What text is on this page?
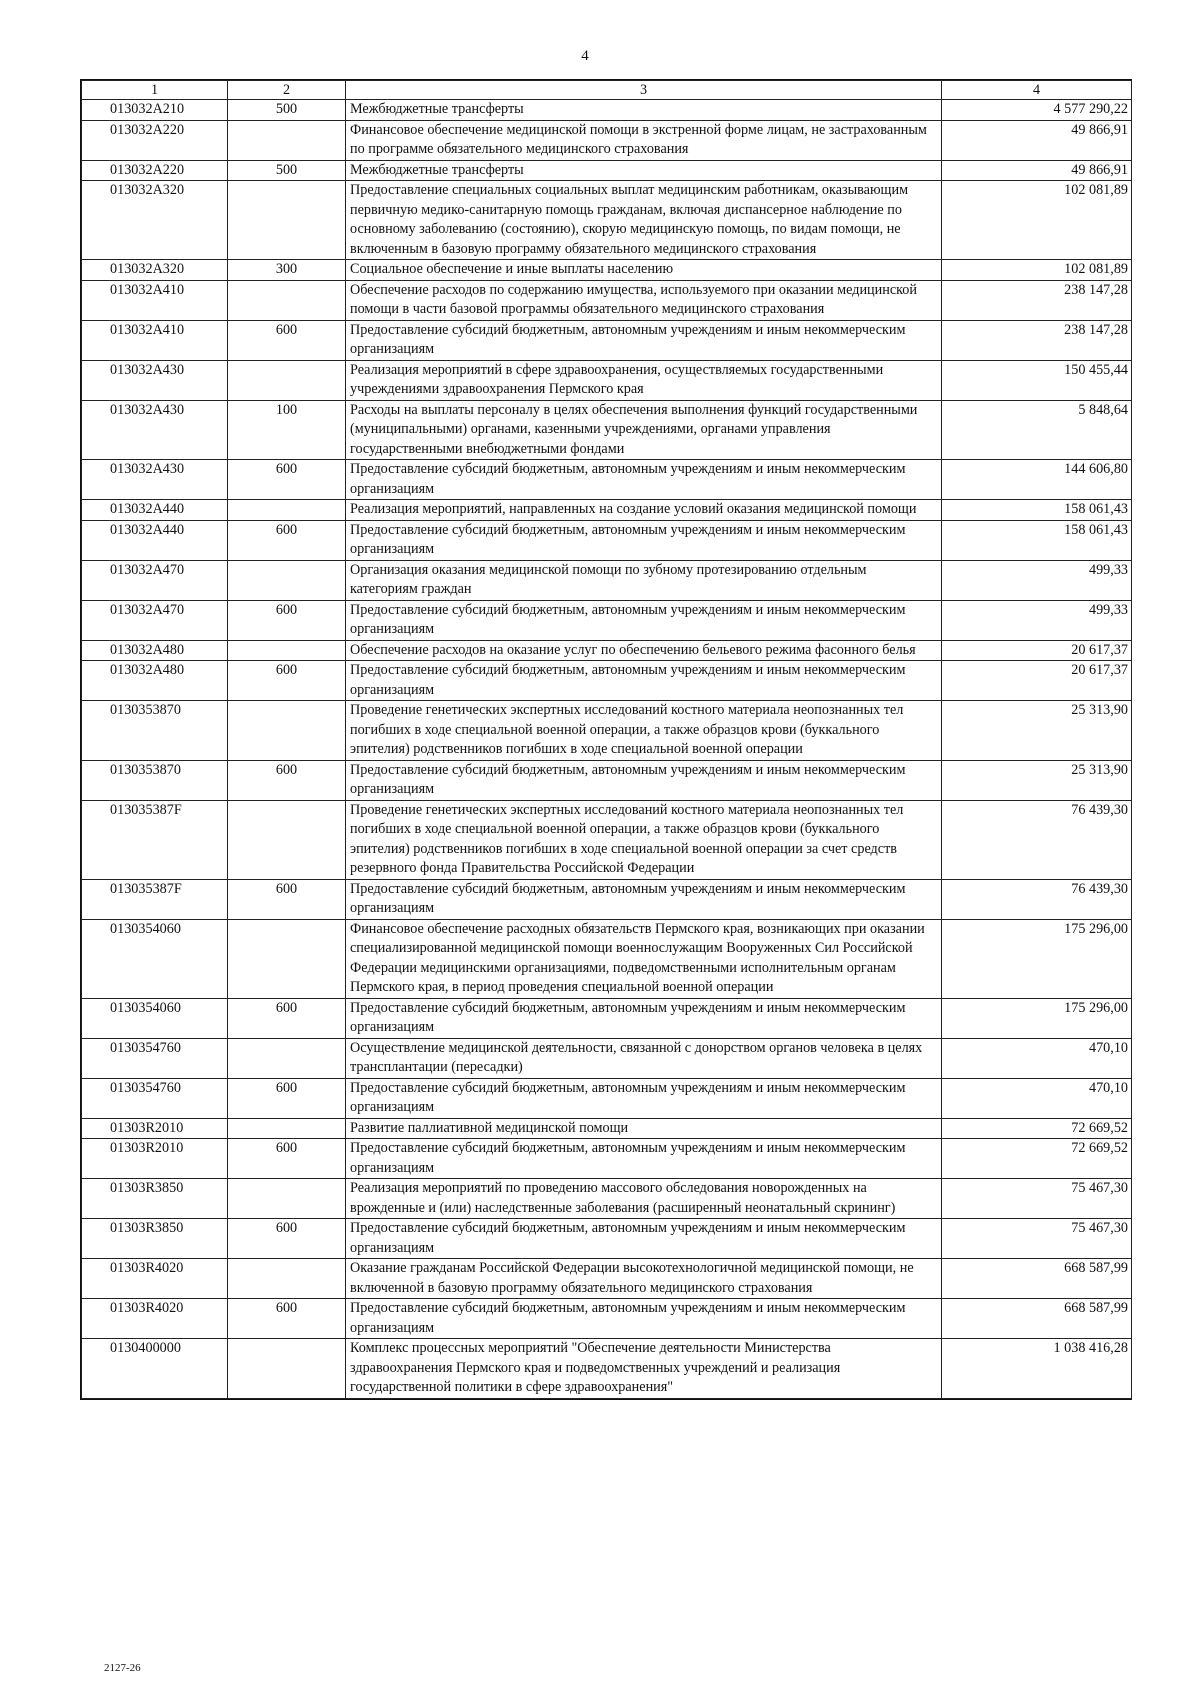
4
1	2	3	4
013032A210	500	Межбюджетные трансферты	4 577 290,22
013032A220		Финансовое обеспечение медицинской помощи в экстренной форме лицам, не застрахованным по программе обязательного медицинского страхования	49 866,91
013032A220	500	Межбюджетные трансферты	49 866,91
013032A320		Предоставление специальных социальных выплат медицинским работникам, оказывающим первичную медико-санитарную помощь гражданам, включая диспансерное наблюдение по основному заболеванию (состоянию), скорую медицинскую помощь, по видам помощи, не включенным в базовую программу обязательного медицинского страхования	102 081,89
013032A320	300	Социальное обеспечение и иные выплаты населению	102 081,89
013032A410		Обеспечение расходов по содержанию имущества, используемого при оказании медицинской помощи в части базовой программы обязательного медицинского страхования	238 147,28
013032A410	600	Предоставление субсидий бюджетным, автономным учреждениям и иным некоммерческим организациям	238 147,28
013032A430		Реализация мероприятий в сфере здравоохранения, осуществляемых государственными учреждениями здравоохранения Пермского края	150 455,44
013032A430	100	Расходы на выплаты персоналу в целях обеспечения выполнения функций государственными (муниципальными) органами, казенными учреждениями, органами управления государственными внебюджетными фондами	5 848,64
013032A430	600	Предоставление субсидий бюджетным, автономным учреждениям и иным некоммерческим организациям	144 606,80
013032A440		Реализация мероприятий, направленных на создание условий оказания медицинской помощи	158 061,43
013032A440	600	Предоставление субсидий бюджетным, автономным учреждениям и иным некоммерческим организациям	158 061,43
013032A470		Организация оказания медицинской помощи по зубному протезированию отдельным категориям граждан	499,33
013032A470	600	Предоставление субсидий бюджетным, автономным учреждениям и иным некоммерческим организациям	499,33
013032A480		Обеспечение расходов на оказание услуг по обеспечению бельевого режима фасонного белья	20 617,37
013032A480	600	Предоставление субсидий бюджетным, автономным учреждениям и иным некоммерческим организациям	20 617,37
0130353870		Проведение генетических экспертных исследований костного материала неопознанных тел погибших в ходе специальной военной операции, а также образцов крови (буккального эпителия) родственников погибших в ходе специальной военной операции	25 313,90
0130353870	600	Предоставление субсидий бюджетным, автономным учреждениям и иным некоммерческим организациям	25 313,90
013035387F		Проведение генетических экспертных исследований костного материала неопознанных тел погибших в ходе специальной военной операции, а также образцов крови (буккального эпителия) родственников погибших в ходе специальной военной операции за счет средств резервного фонда Правительства Российской Федерации	76 439,30
013035387F	600	Предоставление субсидий бюджетным, автономным учреждениям и иным некоммерческим организациям	76 439,30
0130354060		Финансовое обеспечение расходных обязательств Пермского края, возникающих при оказании специализированной медицинской помощи военнослужащим Вооруженных Сил Российской Федерации медицинскими организациями, подведомственными исполнительным органам Пермского края, в период проведения специальной военной операции	175 296,00
0130354060	600	Предоставление субсидий бюджетным, автономным учреждениям и иным некоммерческим организациям	175 296,00
0130354760		Осуществление медицинской деятельности, связанной с донорством органов человека в целях трансплантации (пересадки)	470,10
0130354760	600	Предоставление субсидий бюджетным, автономным учреждениям и иным некоммерческим организациям	470,10
01303R2010		Развитие паллиативной медицинской помощи	72 669,52
01303R2010	600	Предоставление субсидий бюджетным, автономным учреждениям и иным некоммерческим организациям	72 669,52
01303R3850		Реализация мероприятий по проведению массового обследования новорожденных на врожденные и (или) наследственные заболевания (расширенный неонатальный скрининг)	75 467,30
01303R3850	600	Предоставление субсидий бюджетным, автономным учреждениям и иным некоммерческим организациям	75 467,30
01303R4020		Оказание гражданам Российской Федерации высокотехнологичной медицинской помощи, не включенной в базовую программу обязательного медицинского страхования	668 587,99
01303R4020	600	Предоставление субсидий бюджетным, автономным учреждениям и иным некоммерческим организациям	668 587,99
0130400000		Комплекс процессных мероприятий "Обеспечение деятельности Министерства здравоохранения Пермского края и подведомственных учреждений и реализация государственной политики в сфере здравоохранения"	1 038 416,28
2127-26
